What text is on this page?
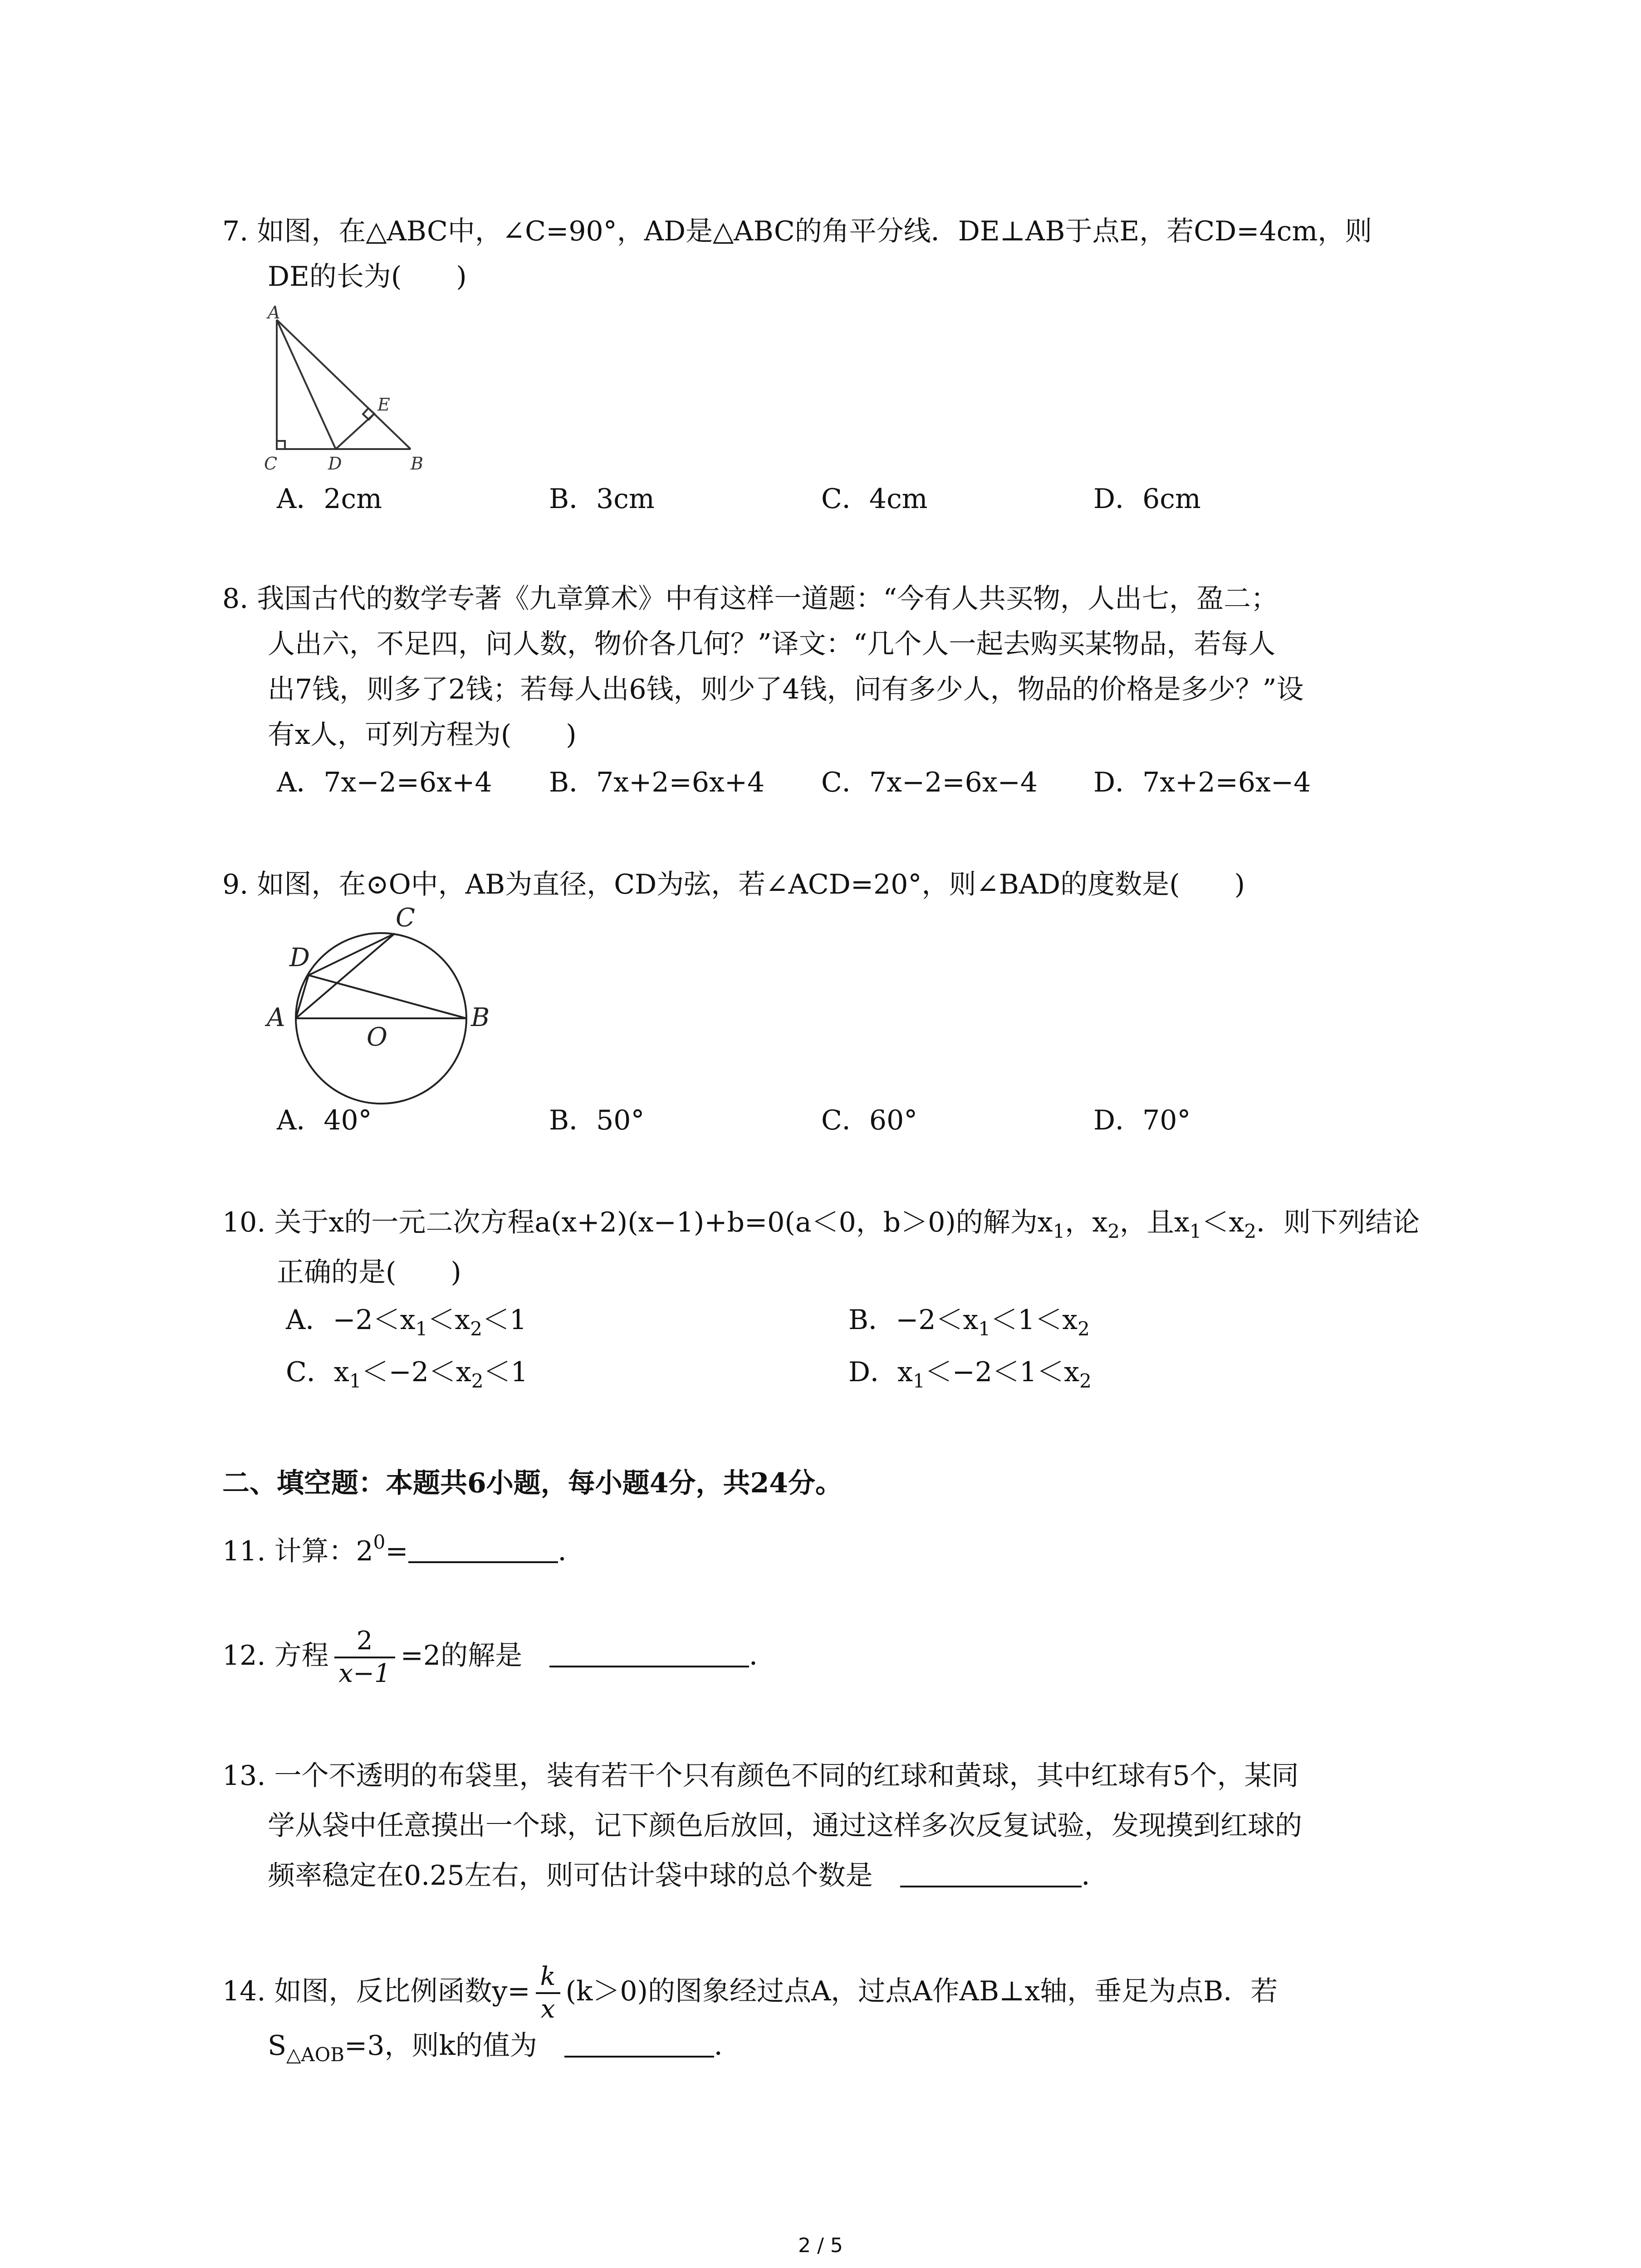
7. 如图，在△ABC中，∠C=90°，AD是△ABC的角平分线．DE⊥AB于点E，若CD=4cm，则
DE的长为(　　)
A
C	D	B
E
A．2cm	B．3cm	C．4cm	D．6cm
8. 我国古代的数学专著《九章算术》中有这样一道题：“今有人共买物，人出七，盈二；
人出六，不足四，问人数，物价各几何？”译文：“几个人一起去购买某物品，若每人
出7钱，则多了2钱；若每人出6钱，则少了4钱，问有多少人，物品的价格是多少？”设
有x人，可列方程为(　　)
A．7x−2=6x+4 B．7x+2=6x+4 C．7x−2=6x−4 D．7x+2=6x−4
9. 如图，在⊙O中，AB为直径，CD为弦，若∠ACD=20°，则∠BAD的度数是(　　)
C
D
A	B
O
A．40°	B．50°	C．60°	D．70°
10. 关于x的一元二次方程a(x+2)(x−1)+b=0(a＜0，b＞0)的解为$x_1$，$x_2$，且$x_1<x_2$．则下列结论
正确的是(　　)
A．$-2<x_1<x_2<1$	B．$-2<x_1<1<x_2$
C．$x_1<-2<x_2<1$	D．$x_1<-2<1<x_2$
二、填空题：本题共6小题，每小题4分，共24分。
11. 计算：$2^0=$	．
12. 方程 $\frac{2}{x-1} =2$的解是　	．
13. 一个不透明的布袋里，装有若干个只有颜色不同的红球和黄球，其中红球有5个，某同
学从袋中任意摸出一个球，记下颜色后放回，通过这样多次反复试验，发现摸到红球的
频率稳定在0.25左右，则可估计袋中球的总个数是　	．
14. 如图，反比例函数$y= \frac{k}{x} (k>0)$的图象经过点A，过点A作AB⊥x轴，垂足为点B．若
$S_{\triangle AOB}=3$，则k的值为　	．
2 / 5
